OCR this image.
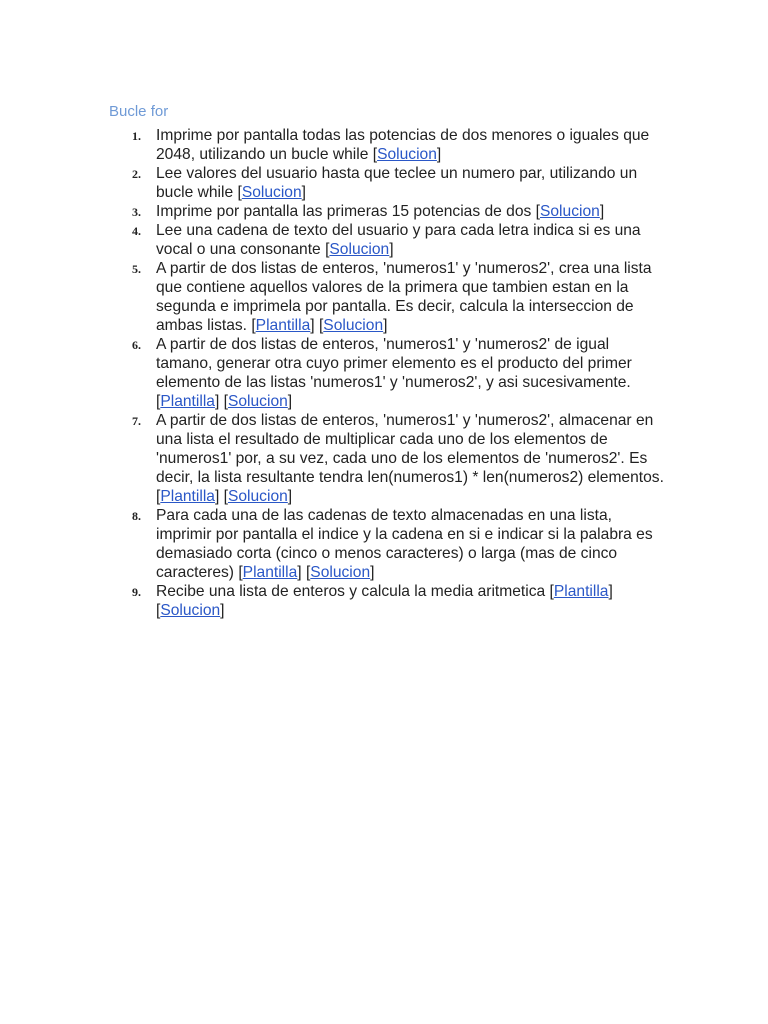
Bucle for
1. Imprime por pantalla todas las potencias de dos menores o iguales que 2048, utilizando un bucle while [Solucion]
2. Lee valores del usuario hasta que teclee un numero par, utilizando un bucle while [Solucion]
3. Imprime por pantalla las primeras 15 potencias de dos [Solucion]
4. Lee una cadena de texto del usuario y para cada letra indica si es una vocal o una consonante [Solucion]
5. A partir de dos listas de enteros, 'numeros1' y 'numeros2', crea una lista que contiene aquellos valores de la primera que tambien estan en la segunda e imprimela por pantalla. Es decir, calcula la interseccion de ambas listas. [Plantilla] [Solucion]
6. A partir de dos listas de enteros, 'numeros1' y 'numeros2' de igual tamano, generar otra cuyo primer elemento es el producto del primer elemento de las listas 'numeros1' y 'numeros2', y asi sucesivamente. [Plantilla] [Solucion]
7. A partir de dos listas de enteros, 'numeros1' y 'numeros2', almacenar en una lista el resultado de multiplicar cada uno de los elementos de 'numeros1' por, a su vez, cada uno de los elementos de 'numeros2'. Es decir, la lista resultante tendra len(numeros1) * len(numeros2) elementos. [Plantilla] [Solucion]
8. Para cada una de las cadenas de texto almacenadas en una lista, imprimir por pantalla el indice y la cadena en si e indicar si la palabra es demasiado corta (cinco o menos caracteres) o larga (mas de cinco caracteres) [Plantilla] [Solucion]
9. Recibe una lista de enteros y calcula la media aritmetica [Plantilla] [Solucion]
